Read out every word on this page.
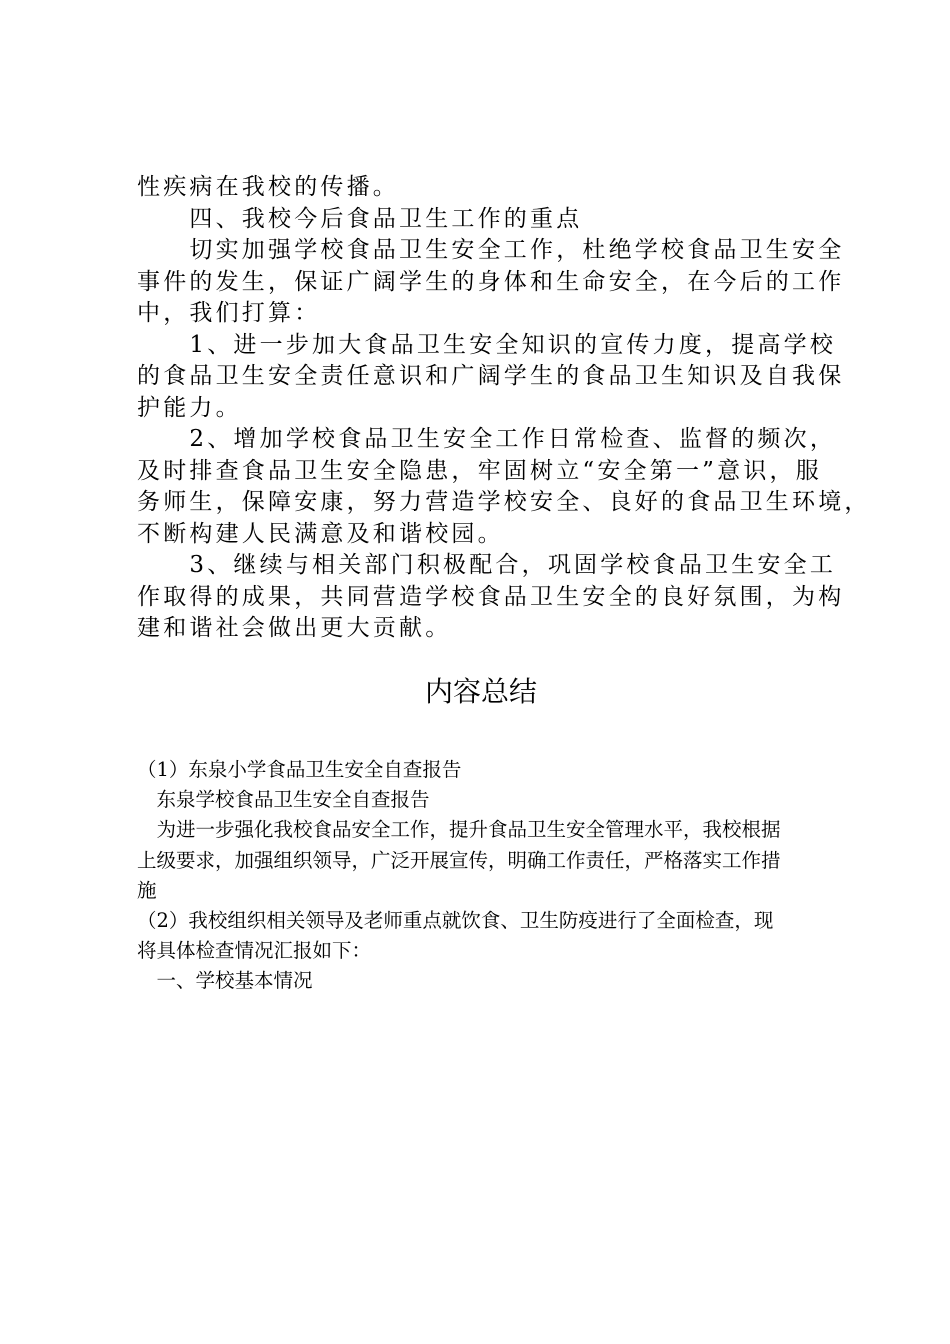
性疾病在我校的传播。

　　四、我校今后食品卫生工作的重点

　　切实加强学校食品卫生安全工作，杜绝学校食品卫生安全

事件的发生，保证广阔学生的身体和生命安全，在今后的工作

中，我们打算：

　　1、进一步加大食品卫生安全知识的宣传力度，提高学校

的食品卫生安全责任意识和广阔学生的食品卫生知识及自我保

护能力。

　　2、增加学校食品卫生安全工作日常检查、监督的频次，

及时排查食品卫生安全隐患，牢固树立“安全第一”意识，服

务师生，保障安康，努力营造学校安全、良好的食品卫生环境，

不断构建人民满意及和谐校园。

　　3、继续与相关部门积极配合，巩固学校食品卫生安全工

作取得的成果，共同营造学校食品卫生安全的良好氛围，为构

建和谐社会做出更大贡献。

内容总结

（1）东泉小学食品卫生安全自查报告

　东泉学校食品卫生安全自查报告

　为进一步强化我校食品安全工作，提升食品卫生安全管理水平，我校根据

上级要求，加强组织领导，广泛开展宣传，明确工作责任，严格落实工作措

施

（2）我校组织相关领导及老师重点就饮食、卫生防疫进行了全面检查，现

将具体检查情况汇报如下：

　一、学校基本情况
